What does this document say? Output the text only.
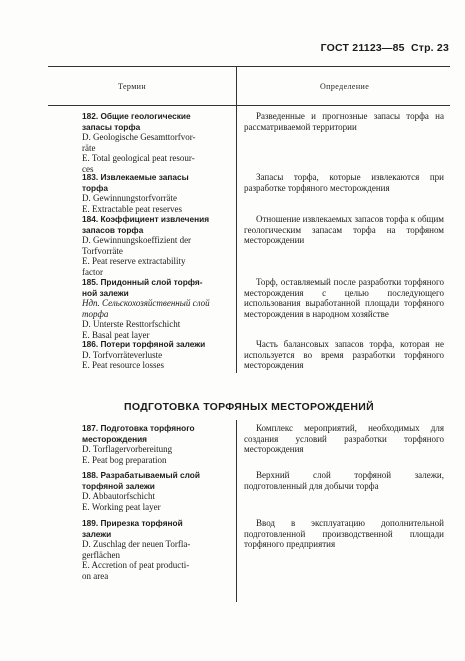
ГОСТ 21123—85 Стр. 23
Термин	Определение
ПОДГОТОВКА ТОРФЯНЫХ МЕСТОРОЖДЕНИЙ
182. Общие геологические
запасы торфа
D. Geologische Gesamttorfvor-
räte
E. Total geological peat resour-
ces

Разведенные и прогнозные запасы торфа на рассматриваемой территории

183. Извлекаемые запасы
торфа
D. Gewinnungstorfvorräte
E. Extractable peat reserves

Запасы торфа, которые извлекаются при разработке торфяного месторождения

184. Коэффициент извлечения
запасов торфа
D. Gewinnungskoeffizient der
Torfvorräte
E. Peat reserve extractability
factor

Отношение извлекаемых запасов торфа к общим геологическим запасам торфа на торфяном месторождении

185. Придонный слой торфя-
ной залежи
Ндп. Сельскохозяйственный слой торфа
D. Unterste Resttorfschicht
E. Basal peat layer

Торф, оставляемый после разработки торфяного месторождения с целью последующего использования выработанной площади торфяного месторождения в народном хозяйстве

186. Потери торфяной залежи
D. Torfvorräteverluste
E. Peat resource losses

Часть балансовых запасов торфа, которая не используется во время разработки торфяного месторождения

187. Подготовка торфяного
месторождения
D. Torflagervorbereitung
E. Peat bog preparation

Комплекс мероприятий, необходимых для создания условий разработки торфяного месторождения

188. Разрабатываемый слой
торфяной залежи
D. Abbautorfschicht
E. Working peat layer

Верхний слой торфяной залежи, подготовленный для добычи торфа

189. Прирезка торфяной
залежи
D. Zuschlag der neuen Torfla-
gerflächen
E. Accretion of peat producti-
on area

Ввод в эксплуатацию дополнительной подготовленной производственной площади торфяного предприятия
